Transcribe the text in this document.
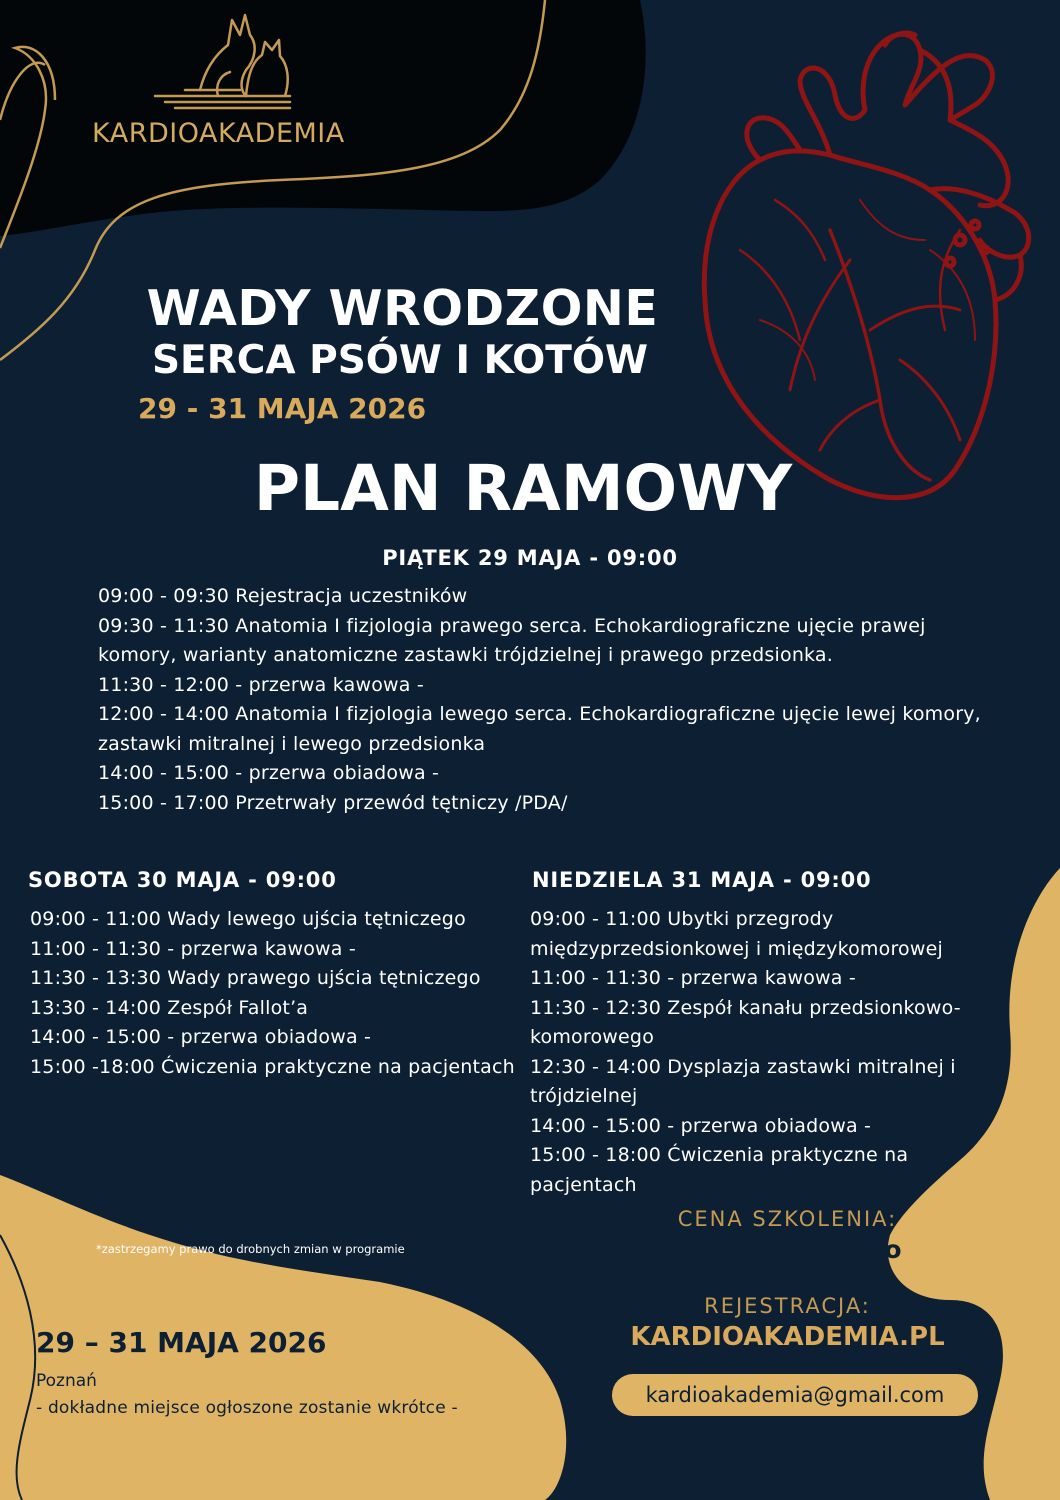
KARDIOAKADEMIA
WADY WRODZONE
SERCA PSÓW I KOTÓW
29 - 31 MAJA 2026
PLAN RAMOWY
PIĄTEK 29 MAJA - 09:00
09:00 - 09:30 Rejestracja uczestników
09:30 - 11:30 Anatomia I fizjologia prawego serca. Echokardiograficzne ujęcie prawej komory, warianty anatomiczne zastawki trójdzielnej i prawego przedsionka.
11:30 - 12:00 - przerwa kawowa -
12:00 - 14:00 Anatomia I fizjologia lewego serca. Echokardiograficzne ujęcie lewej komory, zastawki mitralnej i lewego przedsionka
14:00 - 15:00 - przerwa obiadowa -
15:00 - 17:00 Przetrwały przewód tętniczy /PDA/
SOBOTA 30 MAJA - 09:00
09:00 - 11:00 Wady lewego ujścia tętniczego
11:00 - 11:30 - przerwa kawowa -
11:30 - 13:30 Wady prawego ujścia tętniczego
13:30 - 14:00 Zespół Fallot’a
14:00 - 15:00 - przerwa obiadowa -
15:00 -18:00 Ćwiczenia praktyczne na pacjentach
NIEDZIELA 31 MAJA - 09:00
09:00 - 11:00 Ubytki przegrody międzyprzedsionkowej i międzykomorowej
11:00 - 11:30 - przerwa kawowa -
11:30 - 12:30 Zespół kanału przedsionkowo-komorowego
12:30 - 14:00 Dysplazja zastawki mitralnej i trójdzielnej
14:00 - 15:00 - przerwa obiadowa -
15:00 - 18:00 Ćwiczenia praktyczne na pacjentach
*zastrzegamy prawo do drobnych zmian w programie
CENA SZKOLENIA:
5300 PLN netto
REJESTRACJA:
KARDIOAKADEMIA.PL
kardioakademia@gmail.com
29 – 31 MAJA 2026
Poznań
- dokładne miejsce ogłoszone zostanie wkrótce -
